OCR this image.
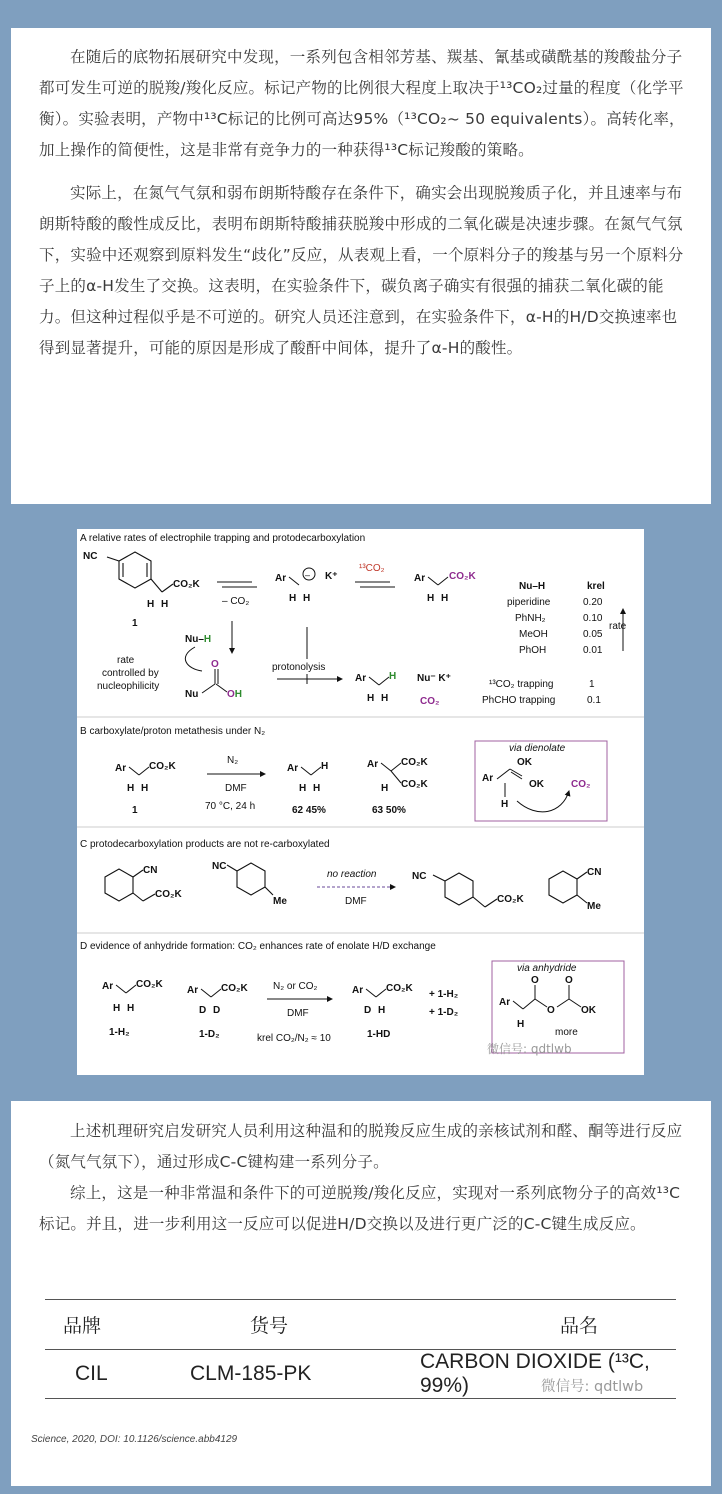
在随后的底物拓展研究中发现，一系列包含相邻芳基、羰基、氰基或磺酰基的羧酸盐分子都可发生可逆的脱羧/羧化反应。标记产物的比例很大程度上取决于¹³CO₂过量的程度（化学平衡）。实验表明，产物中¹³C标记的比例可高达95%（¹³CO₂~ 50 equivalents）。高转化率，加上操作的简便性，这是非常有竞争力的一种获得¹³C标记羧酸的策略。

实际上，在氮气气氛和弱布朗斯特酸存在条件下，确实会出现脱羧质子化，并且速率与布朗斯特酸的酸性成反比，表明布朗斯特酸捕获脱羧中形成的二氧化碳是决速步骤。在氮气气氛下，实验中还观察到原料发生“歧化”反应，从表观上看，一个原料分子的羧基与另一个原料分子上的α-H发生了交换。这表明，在实验条件下，碳负离子确实有很强的捕获二氧化碳的能力。但这种过程似乎是不可逆的。研究人员还注意到，在实验条件下，α-H的H/D交换速率也得到显著提升，可能的原因是形成了酸酐中间体，提升了α-H的酸性。

A relative rates of electrophile trapping and protodecarboxylation
NC
CO₂K
H H
1
– CO₂
Ar –
H H
K⁺
¹³CO₂
Ar CO₂K
H H
Nu–H	krel
piperidine	0.20
PhNH₂	0.10
MeOH	0.05
PhOH	0.01
rate
Nu–H
rate
controlled by
nucleophilicity
Nu
O
OH
protonolysis
Ar H
H H
Nu⁻ K⁺
CO₂
¹³CO₂ trapping	1
PhCHO trapping	0.1
B carboxylate/proton metathesis under N₂
Ar CO₂K
H H
1
N₂
DMF
70 °C, 24 h
Ar H
H H
62 45%
Ar CO₂K
CO₂K
H
63 50%
via dienolate
Ar
OK
OK
H
CO₂
C protodecarboxylation products are not re-carboxylated
CN
CO₂K
NC
Me
no reaction
DMF
NC
CO₂K
CN
Me
D evidence of anhydride formation: CO₂ enhances rate of enolate H/D exchange
Ar CO₂K
H H
1-H₂
Ar CO₂K
D D
1-D₂
N₂ or CO₂
DMF
krel CO₂/N₂ ≈ 10
Ar CO₂K
D H
1-HD
+ 1-H₂
+ 1-D₂
via anhydride
Ar
O
O
O
OK
H
more
微信号: qdtlwb

上述机理研究启发研究人员利用这种温和的脱羧反应生成的亲核试剂和醛、酮等进行反应（氮气气氛下），通过形成C-C键构建一系列分子。

综上，这是一种非常温和条件下的可逆脱羧/羧化反应，实现对一系列底物分子的高效¹³C标记。并且，进一步利用这一反应可以促进H/D交换以及进行更广泛的C-C键生成反应。

品牌	货号	品名
CIL	CLM-185-PK	CARBON DIOXIDE (¹³C, 99%)	微信号: qdtlwb
Science, 2020, DOI: 10.1126/science.abb4129
